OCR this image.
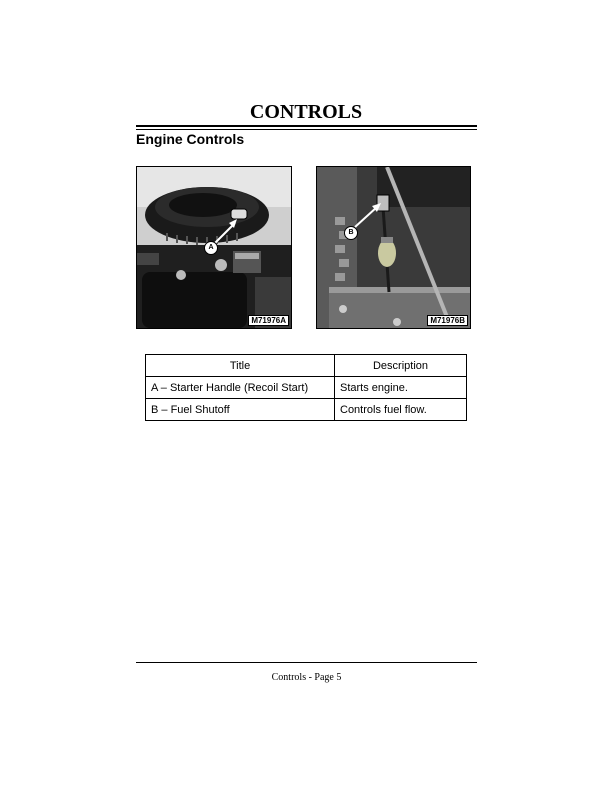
CONTROLS
Engine Controls
A
M71976A
B
M71976B
Title	Description
A – Starter Handle (Recoil Start)	Starts engine.
B – Fuel Shutoff	Controls fuel flow.
Controls - Page 5
